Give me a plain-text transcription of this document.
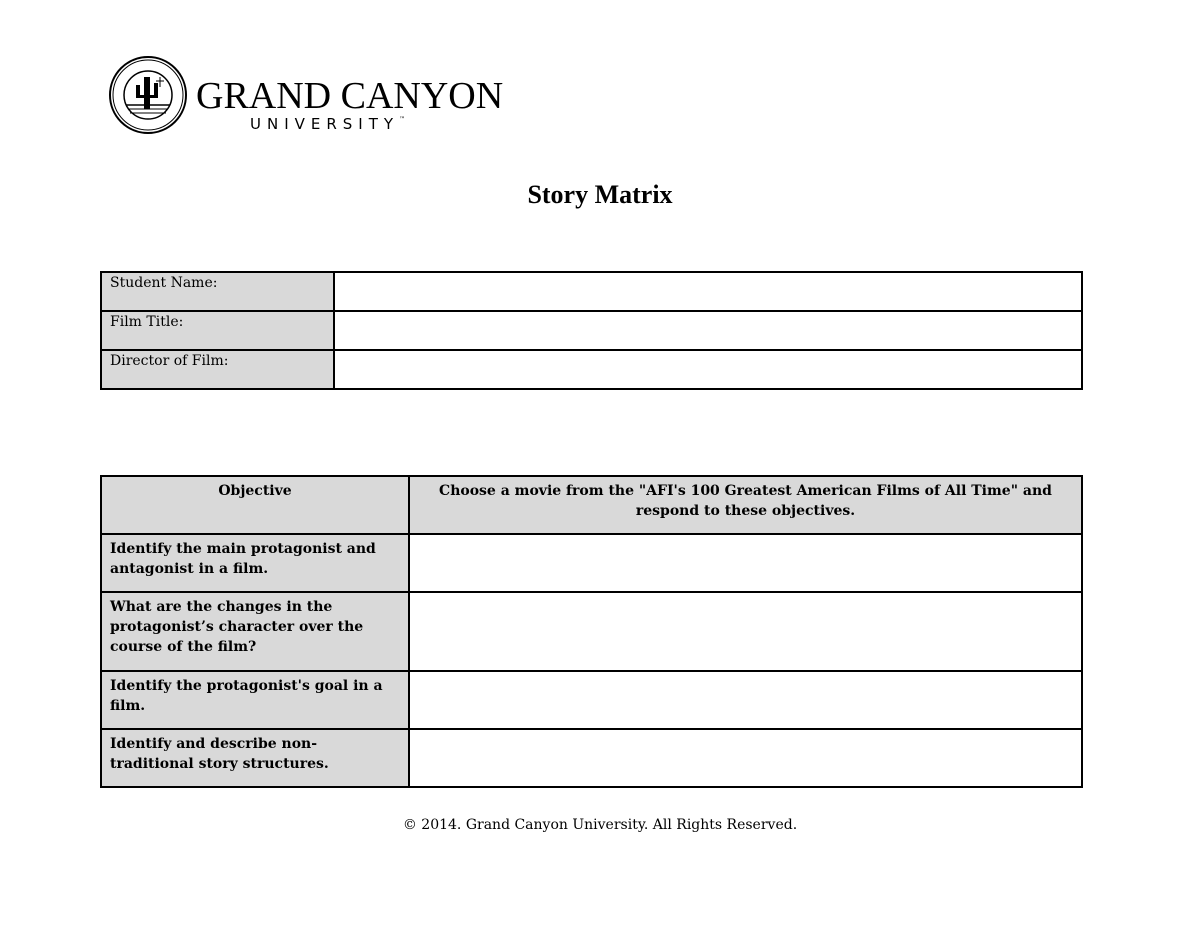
GRAND CANYON
UNIVERSITY™
Story Matrix
Student Name:	
Film Title:	
Director of Film:	
Objective	Choose a movie from the "AFI's 100 Greatest American Films of All Time" and respond to these objectives.
Identify the main protagonist and antagonist in a film.	
What are the changes in the protagonist’s character over the course of the film?	
Identify the protagonist's goal in a film.	
Identify and describe non-traditional story structures.	
© 2014. Grand Canyon University. All Rights Reserved.
